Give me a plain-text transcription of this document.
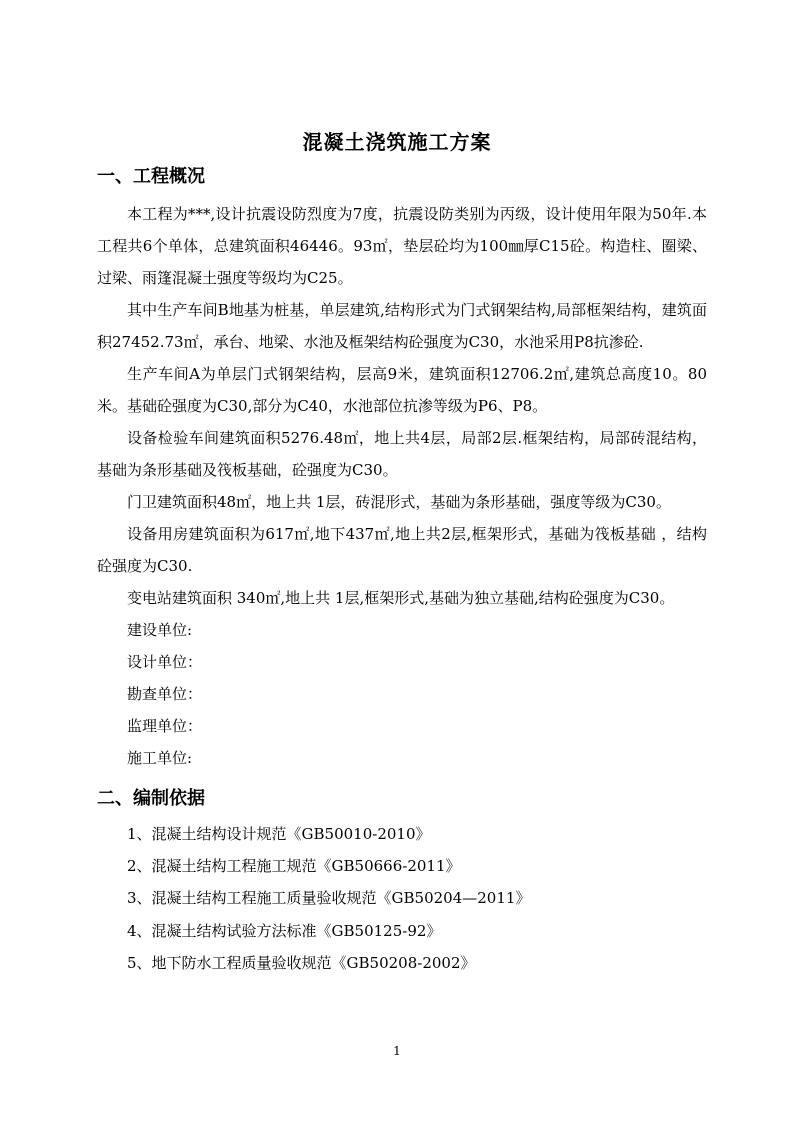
混凝土浇筑施工方案
一、工程概况

本工程为***,设计抗震设防烈度为7度，抗震设防类别为丙级，设计使用年限为50年.本工程共6个单体，总建筑面积46446。93㎡，垫层砼均为100㎜厚C15砼。构造柱、圈梁、过梁、雨篷混凝土强度等级均为C25。

其中生产车间B地基为桩基，单层建筑,结构形式为门式钢架结构,局部框架结构，建筑面积27452.73㎡，承台、地梁、水池及框架结构砼强度为C30，水池采用P8抗渗砼.

生产车间A为单层门式钢架结构，层高9米，建筑面积12706.2㎡,建筑总高度10。80米。基础砼强度为C30,部分为C40，水池部位抗渗等级为P6、P8。

设备检验车间建筑面积5276.48㎡，地上共4层，局部2层.框架结构，局部砖混结构，基础为条形基础及筏板基础，砼强度为C30。

门卫建筑面积48㎡，地上共 1层，砖混形式，基础为条形基础，强度等级为C30。

设备用房建筑面积为617㎡,地下437㎡,地上共2层,框架形式，基础为筏板基础 ，结构砼强度为C30.

变电站建筑面积 340㎡,地上共 1层,框架形式,基础为独立基础,结构砼强度为C30。

建设单位:

设计单位：

勘查单位：

监理单位：

施工单位:

二、编制依据

1、混凝土结构设计规范《GB50010-2010》

2、混凝土结构工程施工规范《GB50666-2011》

3、混凝土结构工程施工质量验收规范《GB50204—2011》

4、混凝土结构试验方法标准《GB50125-92》

5、地下防水工程质量验收规范《GB50208-2002》

1
